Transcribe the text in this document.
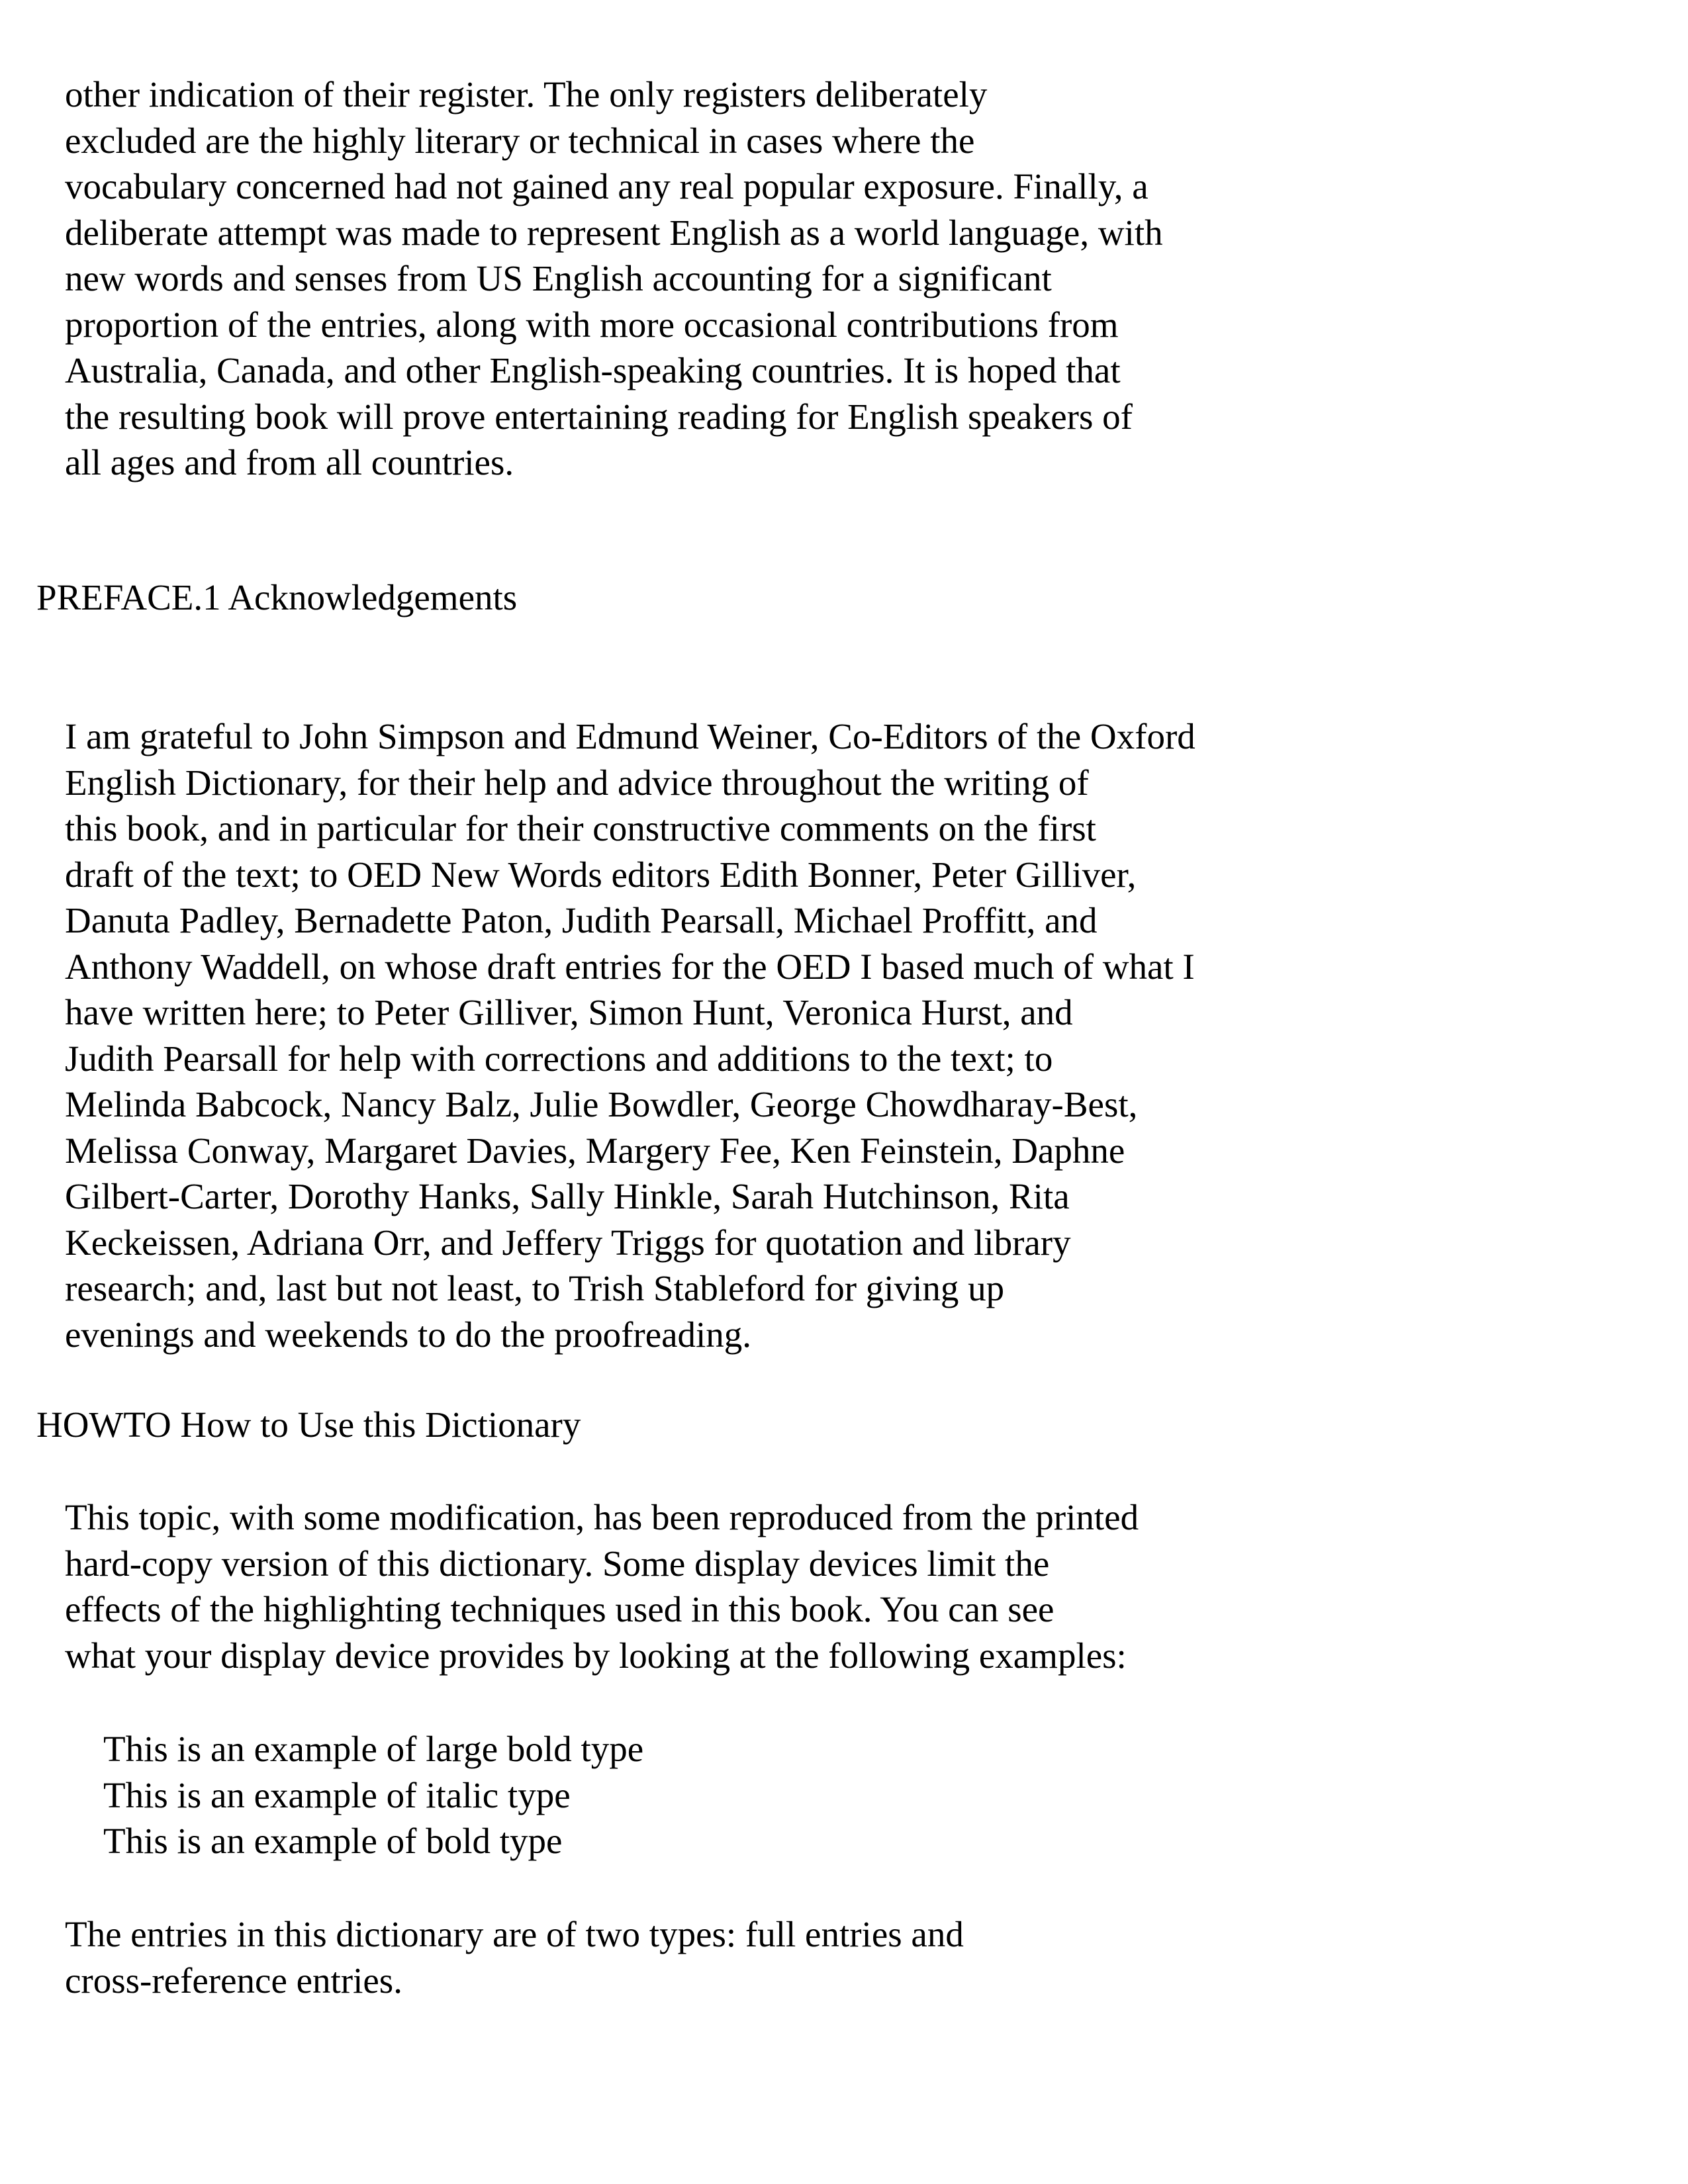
other indication of their register. The only registers deliberately
excluded are the highly literary or technical in cases where the
vocabulary concerned had not gained any real popular exposure. Finally, a
deliberate attempt was made to represent English as a world language, with
new words and senses from US English accounting for a significant
proportion of the entries, along with more occasional contributions from
Australia, Canada, and other English-speaking countries. It is hoped that
the resulting book will prove entertaining reading for English speakers of
all ages and from all countries.
PREFACE.1 Acknowledgements
I am grateful to John Simpson and Edmund Weiner, Co-Editors of the Oxford
English Dictionary, for their help and advice throughout the writing of
this book, and in particular for their constructive comments on the first
draft of the text; to OED New Words editors Edith Bonner, Peter Gilliver,
Danuta Padley, Bernadette Paton, Judith Pearsall, Michael Proffitt, and
Anthony Waddell, on whose draft entries for the OED I based much of what I
have written here; to Peter Gilliver, Simon Hunt, Veronica Hurst, and
Judith Pearsall for help with corrections and additions to the text; to
Melinda Babcock, Nancy Balz, Julie Bowdler, George Chowdharay-Best,
Melissa Conway, Margaret Davies, Margery Fee, Ken Feinstein, Daphne
Gilbert-Carter, Dorothy Hanks, Sally Hinkle, Sarah Hutchinson, Rita
Keckeissen, Adriana Orr, and Jeffery Triggs for quotation and library
research; and, last but not least, to Trish Stableford for giving up
evenings and weekends to do the proofreading.
HOWTO How to Use this Dictionary
This topic, with some modification, has been reproduced from the printed
hard-copy version of this dictionary. Some display devices limit the
effects of the highlighting techniques used in this book. You can see
what your display device provides by looking at the following examples:
This is an example of large bold type
This is an example of italic type
This is an example of bold type
The entries in this dictionary are of two types: full entries and
cross-reference entries.
